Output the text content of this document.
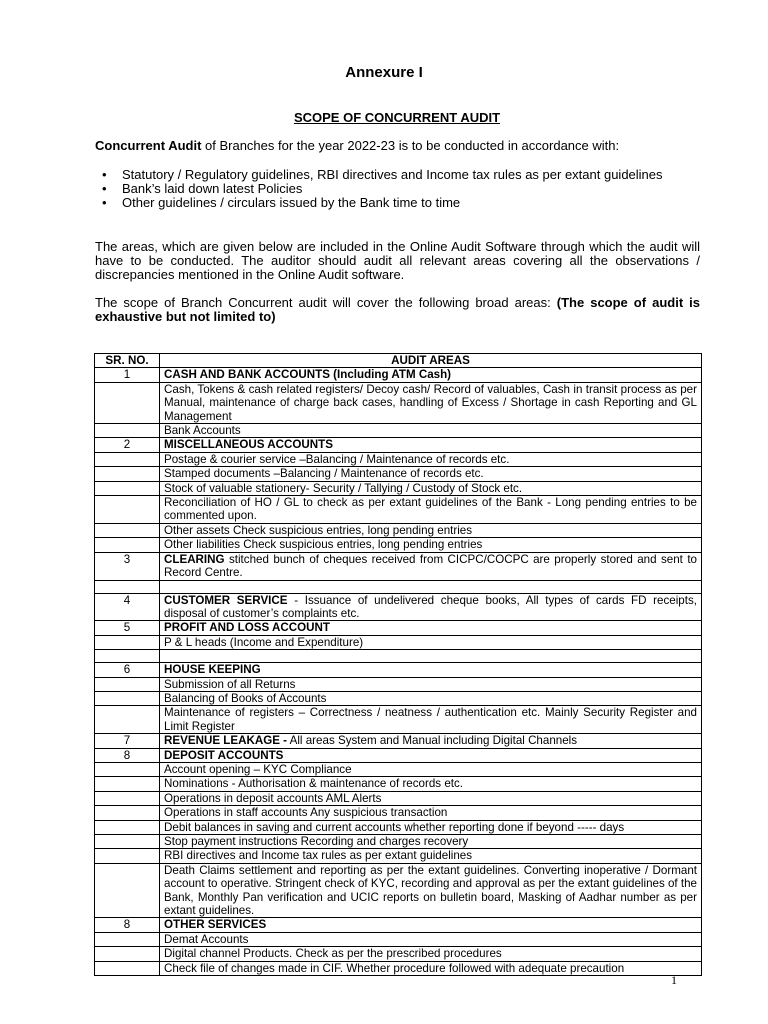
Annexure I
SCOPE OF CONCURRENT AUDIT
Concurrent Audit of Branches for the year 2022-23 is to be conducted in accordance with:
• Statutory / Regulatory guidelines, RBI directives and Income tax rules as per extant guidelines
• Bank’s laid down latest Policies
• Other guidelines / circulars issued by the Bank time to time
The areas, which are given below are included in the Online Audit Software through which the audit will have to be conducted. The auditor should audit all relevant areas covering all the observations / discrepancies mentioned in the Online Audit software.
The scope of Branch Concurrent audit will cover the following broad areas: (The scope of audit is exhaustive but not limited to)
SR. NO.	AUDIT AREAS
1	CASH AND BANK ACCOUNTS (Including ATM Cash)
	Cash, Tokens & cash related registers/ Decoy cash/ Record of valuables, Cash in transit process as per Manual, maintenance of charge back cases, handling of Excess / Shortage in cash Reporting and GL Management
	Bank Accounts
2	MISCELLANEOUS ACCOUNTS
	Postage & courier service –Balancing / Maintenance of records etc.
	Stamped documents –Balancing / Maintenance of records etc.
	Stock of valuable stationery- Security / Tallying / Custody of Stock etc.
	Reconciliation of HO / GL to check as per extant guidelines of the Bank - Long pending entries to be commented upon.
	Other assets Check suspicious entries, long pending entries
	Other liabilities Check suspicious entries, long pending entries
3	CLEARING stitched bunch of cheques received from CICPC/COCPC are properly stored and sent to Record Centre.

4	CUSTOMER SERVICE - Issuance of undelivered cheque books, All types of cards FD receipts, disposal of customer’s complaints etc.
5	PROFIT AND LOSS ACCOUNT
	P & L heads (Income and Expenditure)

6	HOUSE KEEPING
	Submission of all Returns
	Balancing of Books of Accounts
	Maintenance of registers – Correctness / neatness / authentication etc. Mainly Security Register and Limit Register
7	REVENUE LEAKAGE - All areas System and Manual including Digital Channels
8	DEPOSIT ACCOUNTS
	Account opening – KYC Compliance
	Nominations - Authorisation & maintenance of records etc.
	Operations in deposit accounts AML Alerts
	Operations in staff accounts Any suspicious transaction
	Debit balances in saving and current accounts whether reporting done if beyond ----- days
	Stop payment instructions Recording and charges recovery
	RBI directives and Income tax rules as per extant guidelines
	Death Claims settlement and reporting as per the extant guidelines. Converting inoperative / Dormant account to operative. Stringent check of KYC, recording and approval as per the extant guidelines of the Bank, Monthly Pan verification and UCIC reports on bulletin board, Masking of Aadhar number as per extant guidelines.
8	OTHER SERVICES
	Demat Accounts
	Digital channel Products. Check as per the prescribed procedures
	Check file of changes made in CIF. Whether procedure followed with adequate precaution
1
